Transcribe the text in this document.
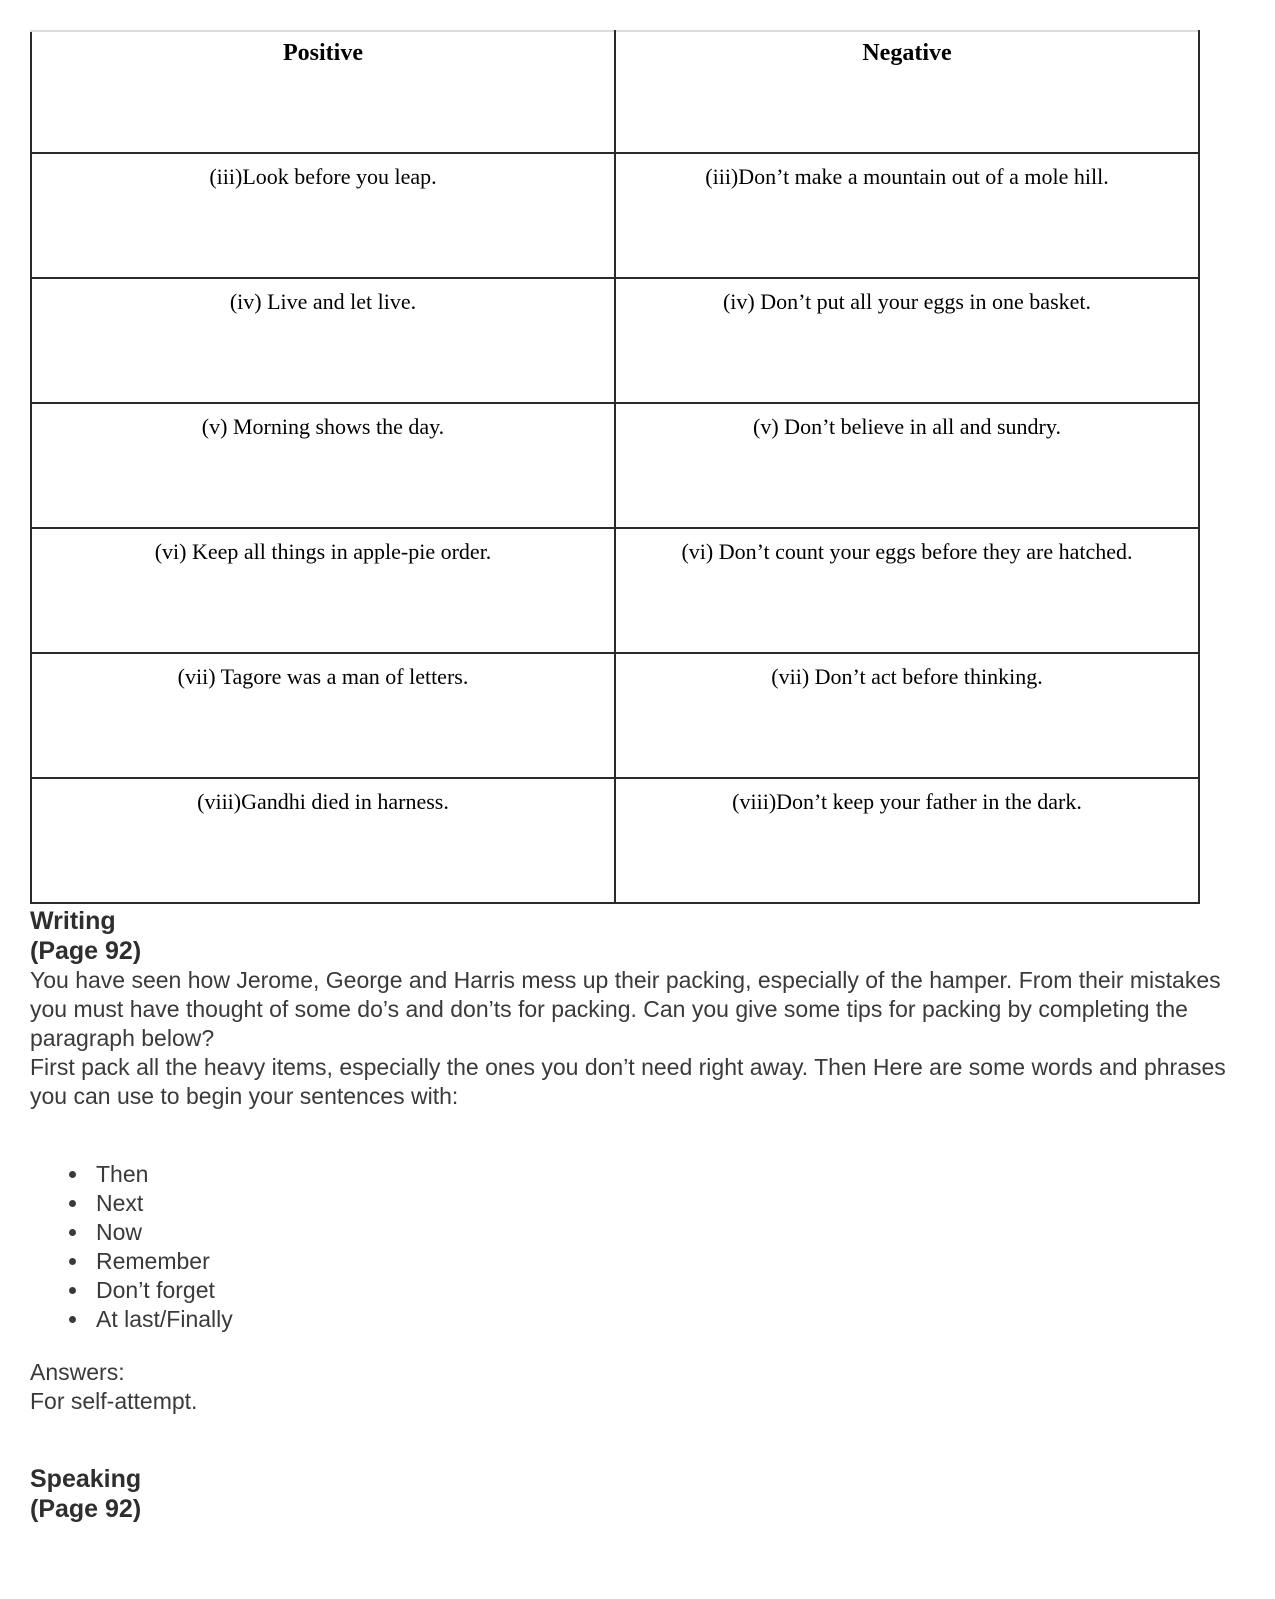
Positive	Negative
(iii)Look before you leap.	(iii)Don’t make a mountain out of a mole hill.
(iv) Live and let live.	(iv) Don’t put all your eggs in one basket.
(v) Morning shows the day.	(v) Don’t believe in all and sundry.
(vi) Keep all things in apple-pie order.	(vi) Don’t count your eggs before they are hatched.
(vii) Tagore was a man of letters.	(vii) Don’t act before thinking.
(viii)Gandhi died in harness.	(viii)Don’t keep your father in the dark.
Writing
(Page 92)

You have seen how Jerome, George and Harris mess up their packing, especially of the hamper. From their mistakes you must have thought of some do’s and don’ts for packing. Can you give some tips for packing by completing the paragraph below?

First pack all the heavy items, especially the ones you don’t need right away. Then Here are some words and phrases you can use to begin your sentences with:

• Then
• Next
• Now
• Remember
• Don’t forget
• At last/Finally

Answers:

For self-attempt.

Speaking
(Page 92)
